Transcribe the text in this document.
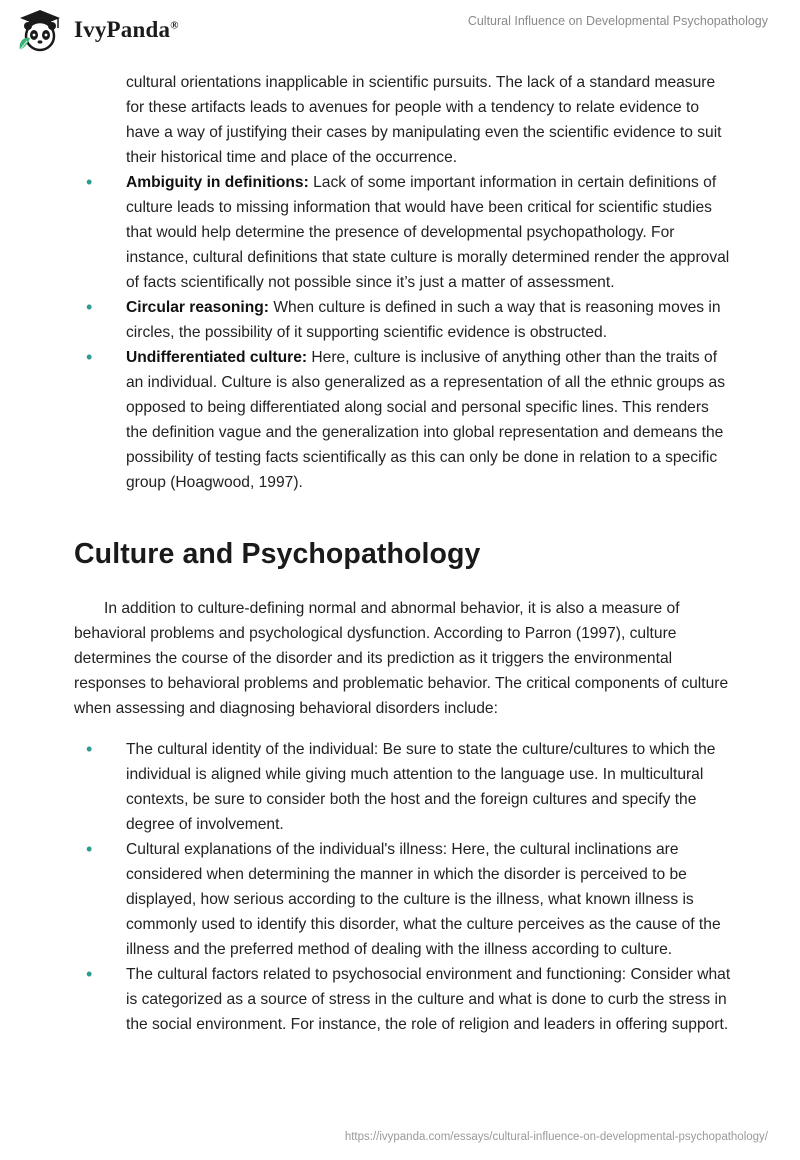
IvyPanda®	Cultural Influence on Developmental Psychopathology
cultural orientations inapplicable in scientific pursuits. The lack of a standard measure for these artifacts leads to avenues for people with a tendency to relate evidence to have a way of justifying their cases by manipulating even the scientific evidence to suit their historical time and place of the occurrence.
• Ambiguity in definitions: Lack of some important information in certain definitions of culture leads to missing information that would have been critical for scientific studies that would help determine the presence of developmental psychopathology. For instance, cultural definitions that state culture is morally determined render the approval of facts scientifically not possible since it’s just a matter of assessment.
• Circular reasoning: When culture is defined in such a way that is reasoning moves in circles, the possibility of it supporting scientific evidence is obstructed.
• Undifferentiated culture: Here, culture is inclusive of anything other than the traits of an individual. Culture is also generalized as a representation of all the ethnic groups as opposed to being differentiated along social and personal specific lines. This renders the definition vague and the generalization into global representation and demeans the possibility of testing facts scientifically as this can only be done in relation to a specific group (Hoagwood, 1997).
Culture and Psychopathology

In addition to culture-defining normal and abnormal behavior, it is also a measure of behavioral problems and psychological dysfunction. According to Parron (1997), culture determines the course of the disorder and its prediction as it triggers the environmental responses to behavioral problems and problematic behavior. The critical components of culture when assessing and diagnosing behavioral disorders include:

• The cultural identity of the individual: Be sure to state the culture/cultures to which the individual is aligned while giving much attention to the language use. In multicultural contexts, be sure to consider both the host and the foreign cultures and specify the degree of involvement.
• Cultural explanations of the individual's illness: Here, the cultural inclinations are considered when determining the manner in which the disorder is perceived to be displayed, how serious according to the culture is the illness, what known illness is commonly used to identify this disorder, what the culture perceives as the cause of the illness and the preferred method of dealing with the illness according to culture.
• The cultural factors related to psychosocial environment and functioning: Consider what is categorized as a source of stress in the culture and what is done to curb the stress in the social environment. For instance, the role of religion and leaders in offering support.
https://ivypanda.com/essays/cultural-influence-on-developmental-psychopathology/
